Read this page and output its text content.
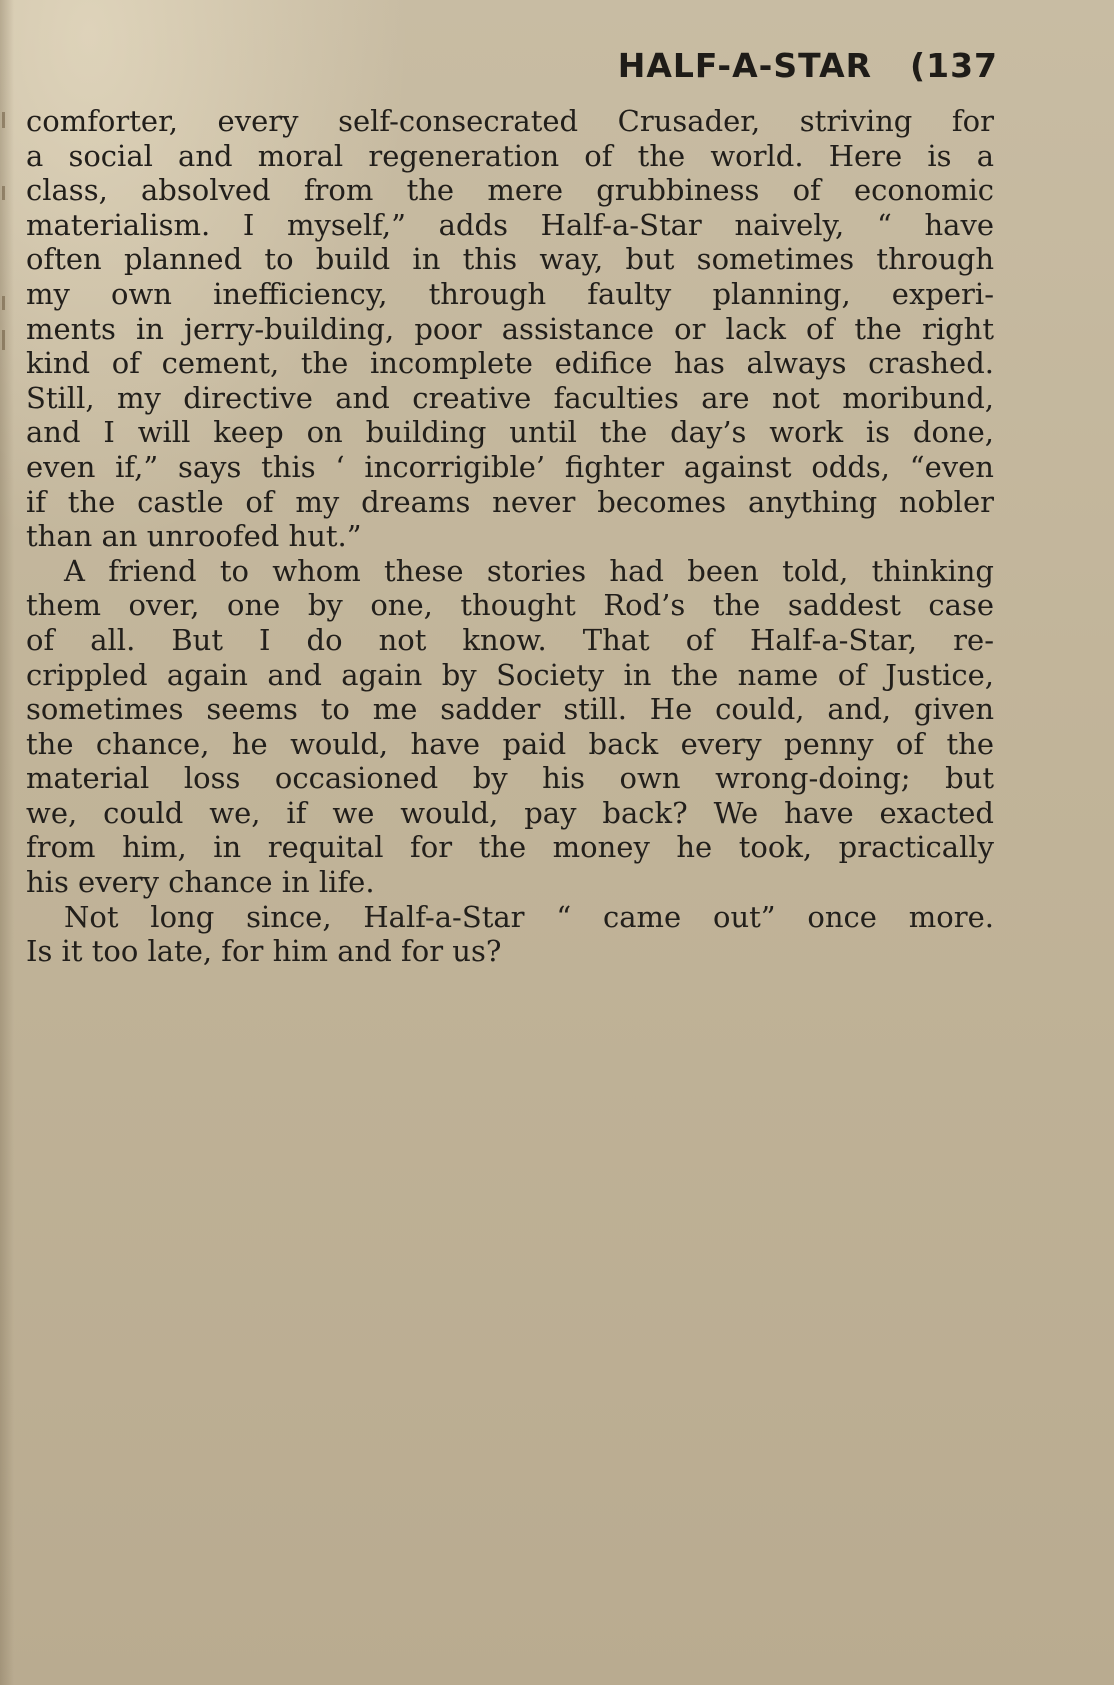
HALF-A-STAR (137

comforter, every self-consecrated Crusader, striving for
a social and moral regeneration of the world. Here is a
class, absolved from the mere grubbiness of economic
materialism. I myself,” adds Half-a-Star naively, “ have
often planned to build in this way, but sometimes through
my own inefficiency, through faulty planning, experi-
ments in jerry-building, poor assistance or lack of the right
kind of cement, the incomplete edifice has always crashed.
Still, my directive and creative faculties are not moribund,
and I will keep on building until the day’s work is done,
even if,” says this ‘ incorrigible’ fighter against odds, “even
if the castle of my dreams never becomes anything nobler
than an unroofed hut.”

A friend to whom these stories had been told, thinking
them over, one by one, thought Rod’s the saddest case
of all. But I do not know. That of Half-a-Star, re-
crippled again and again by Society in the name of Justice,
sometimes seems to me sadder still. He could, and, given
the chance, he would, have paid back every penny of the
material loss occasioned by his own wrong-doing; but
we, could we, if we would, pay back? We have exacted
from him, in requital for the money he took, practically
his every chance in life.

Not long since, Half-a-Star “ came out” once more.
Is it too late, for him and for us?
